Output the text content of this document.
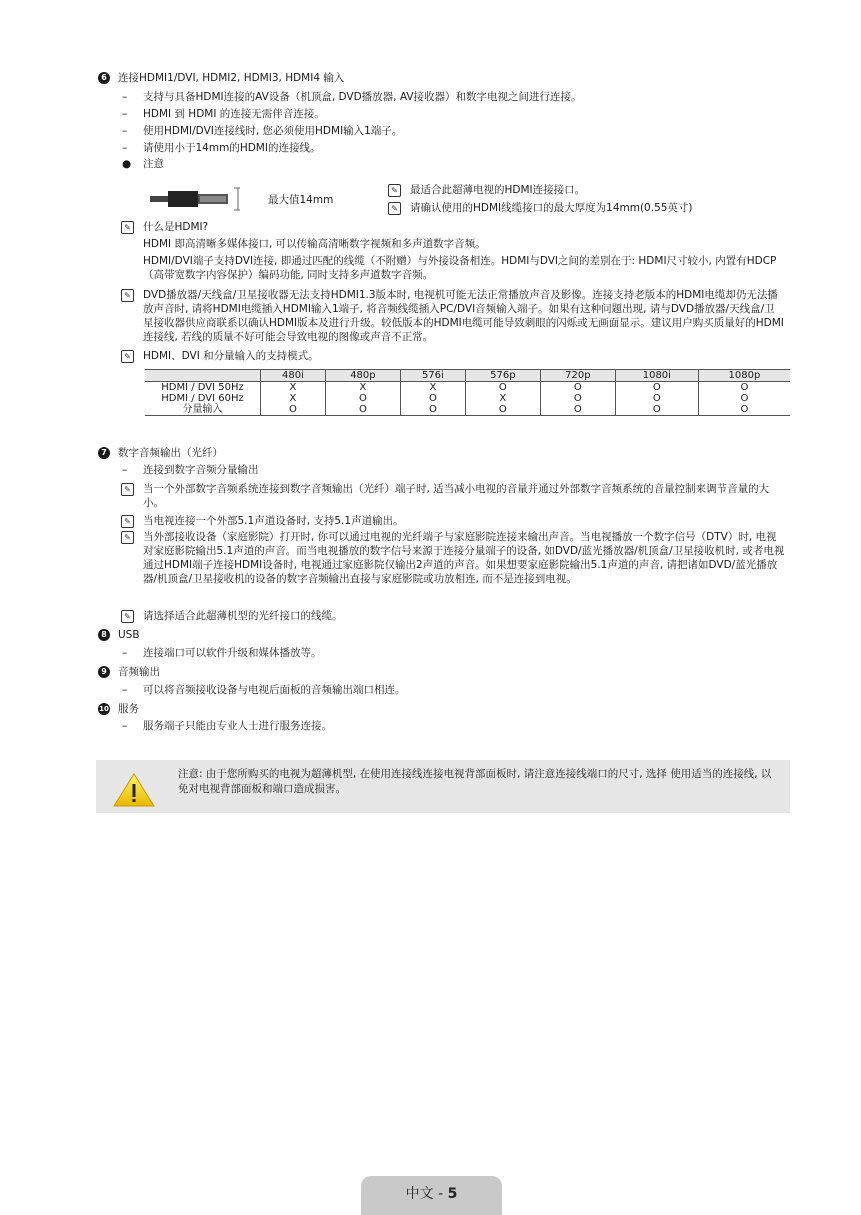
6	连接HDMI1/DVI, HDMI2, HDMI3, HDMI4 输入
– 支持与具备HDMI连接的AV设备（机顶盒, DVD播放器, AV接收器）和数字电视之间进行连接。
– HDMI 到 HDMI 的连接无需伴音连接。
– 使用HDMI/DVI连接线时, 您必须使用HDMI输入1端子。
– 请使用小于14mm的HDMI的连接线。
● 注意
最大值14mm
✎	最适合此超薄电视的HDMI连接接口。
✎	请确认使用的HDMI线缆接口的最大厚度为14mm(0.55英寸)
✎	什么是HDMI?
HDMI 即高清晰多媒体接口, 可以传输高清晰数字视频和多声道数字音频。
HDMI/DVI端子支持DVI连接, 即通过匹配的线缆（不附赠）与外接设备相连。HDMI与DVI之间的差别在于: HDMI尺寸较小, 内置有HDCP（高带宽数字内容保护）编码功能, 同时支持多声道数字音频。
✎	DVD播放器/天线盒/卫星接收器无法支持HDMI1.3版本时, 电视机可能无法正常播放声音及影像。连接支持老版本的HDMI电缆却仍无法播放声音时, 请将HDMI电缆插入HDMI输入1端子, 将音频线缆插入PC/DVI音频输入端子。如果有这种问题出现, 请与DVD播放器/天线盒/卫星接收器供应商联系以确认HDMI版本及进行升级。较低版本的HDMI电缆可能导致刺眼的闪烁或无画面显示。建议用户购买质量好的HDMI连接线, 若线的质量不好可能会导致电视的图像或声音不正常。
✎	HDMI、DVI 和分量输入的支持模式。
	480i	480p	576i	576p	720p	1080i	1080p
HDMI / DVI 50Hz	X	X	X	O	O	O	O
HDMI / DVI 60Hz	X	O	O	X	O	O	O
分量输入	O	O	O	O	O	O	O
7	数字音频输出（光纤）
– 连接到数字音频分量输出
✎	当一个外部数字音频系统连接到数字音频输出（光纤）端子时, 适当减小电视的音量并通过外部数字音频系统的音量控制来调节音量的大小。
✎	当电视连接一个外部5.1声道设备时, 支持5.1声道输出。
✎	当外部接收设备（家庭影院）打开时, 你可以通过电视的光纤端子与家庭影院连接来输出声音。当电视播放一个数字信号（DTV）时, 电视对家庭影院输出5.1声道的声音。而当电视播放的数字信号来源于连接分量端子的设备, 如DVD/蓝光播放器/机顶盒/卫星接收机时, 或者电视通过HDMI端子连接HDMI设备时, 电视通过家庭影院仅输出2声道的声音。如果想要家庭影院输出5.1声道的声音, 请把诸如DVD/蓝光播放器/机顶盒/卫星接收机的设备的数字音频输出直接与家庭影院或功放相连, 而不是连接到电视。
✎	请选择适合此超薄机型的光纤接口的线缆。
8	USB
– 连接端口可以软件升级和媒体播放等。
9	音频输出
– 可以将音频接收设备与电视后面板的音频输出端口相连。
10 服务
– 服务端子只能由专业人士进行服务连接。
注意: 由于您所购买的电视为超薄机型, 在使用连接线连接电视背部面板时, 请注意连接线端口的尺寸, 选择 使用适当的连接线, 以免对电视背部面板和端口造成损害。
中文 - 5
